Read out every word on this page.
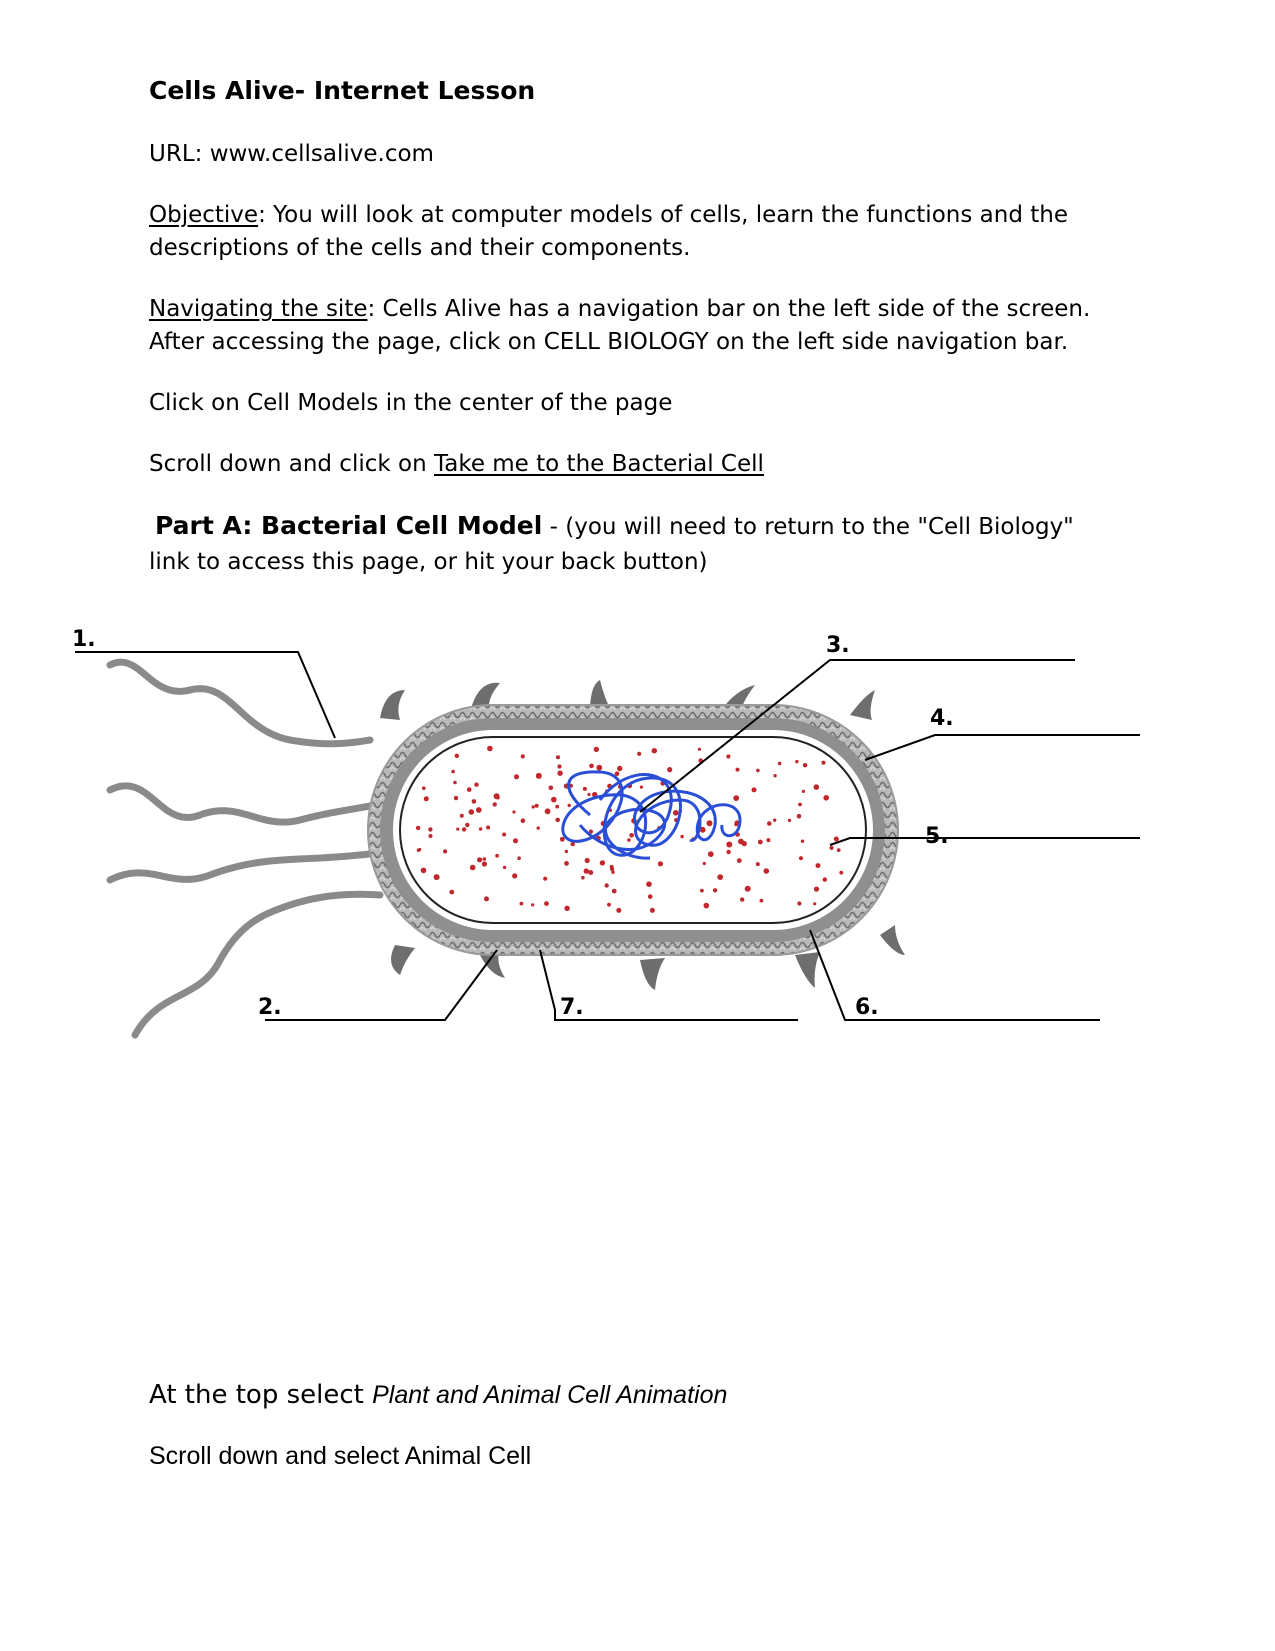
Cells Alive- Internet Lesson
URL: www.cellsalive.com
Objective: You will look at computer models of cells, learn the functions and the
descriptions of the cells and their components.
Navigating the site: Cells Alive has a navigation bar on the left side of the screen.
After accessing the page, click on CELL BIOLOGY on the left side navigation bar.
Click on Cell Models in the center of the page
Scroll down and click on Take me to the Bacterial Cell
Part A: Bacterial Cell Model - (you will need to return to the "Cell Biology"
link to access this page, or hit your back button)
1.
2.
3.
4.
5.
6.
7.
At the top select Plant and Animal Cell Animation
Scroll down and select Animal Cell
